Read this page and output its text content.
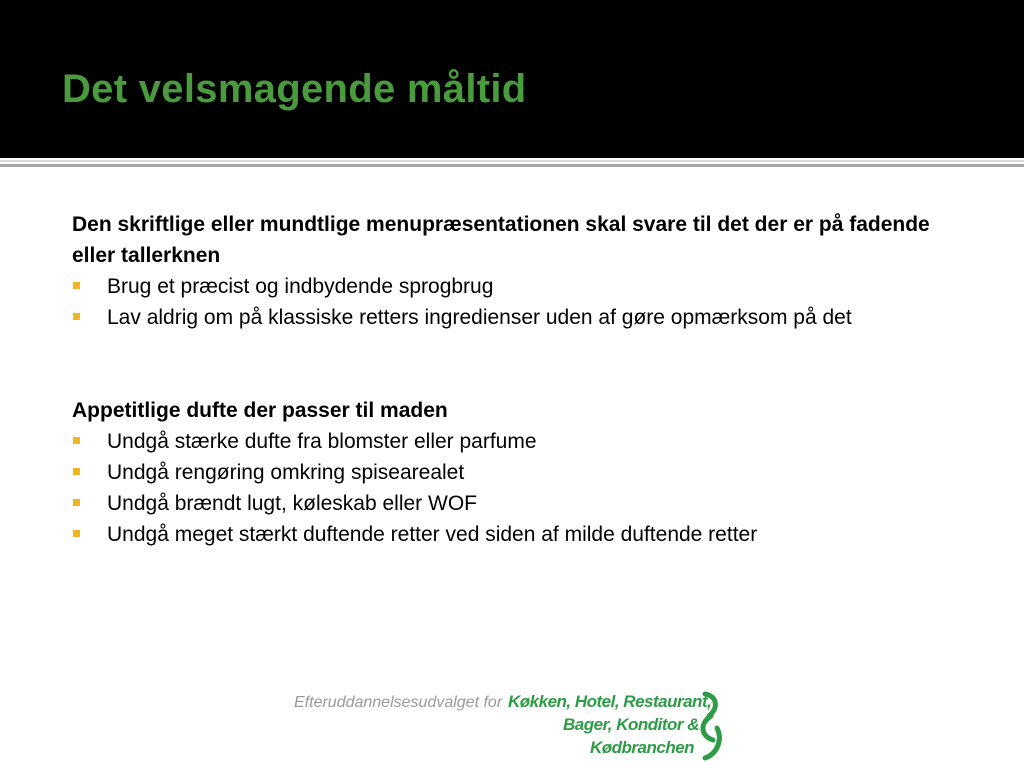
Det velsmagende måltid

Den skriftlige eller mundtlige menupræsentationen skal svare til det der er på fadende eller tallerknen

Brug et præcist og indbydende sprogbrug
Lav aldrig om på klassiske retters ingredienser uden af gøre opmærksom på det

Appetitlige dufte der passer til maden

Undgå stærke dufte fra blomster eller parfume
Undgå rengøring omkring spisearealet
Undgå brændt lugt, køleskab eller WOF
Undgå meget stærkt duftende retter ved siden af milde duftende retter
Efteruddannelsesudvalget for Køkken, Hotel, Restaurant,
Bager, Konditor &
Kødbranchen
